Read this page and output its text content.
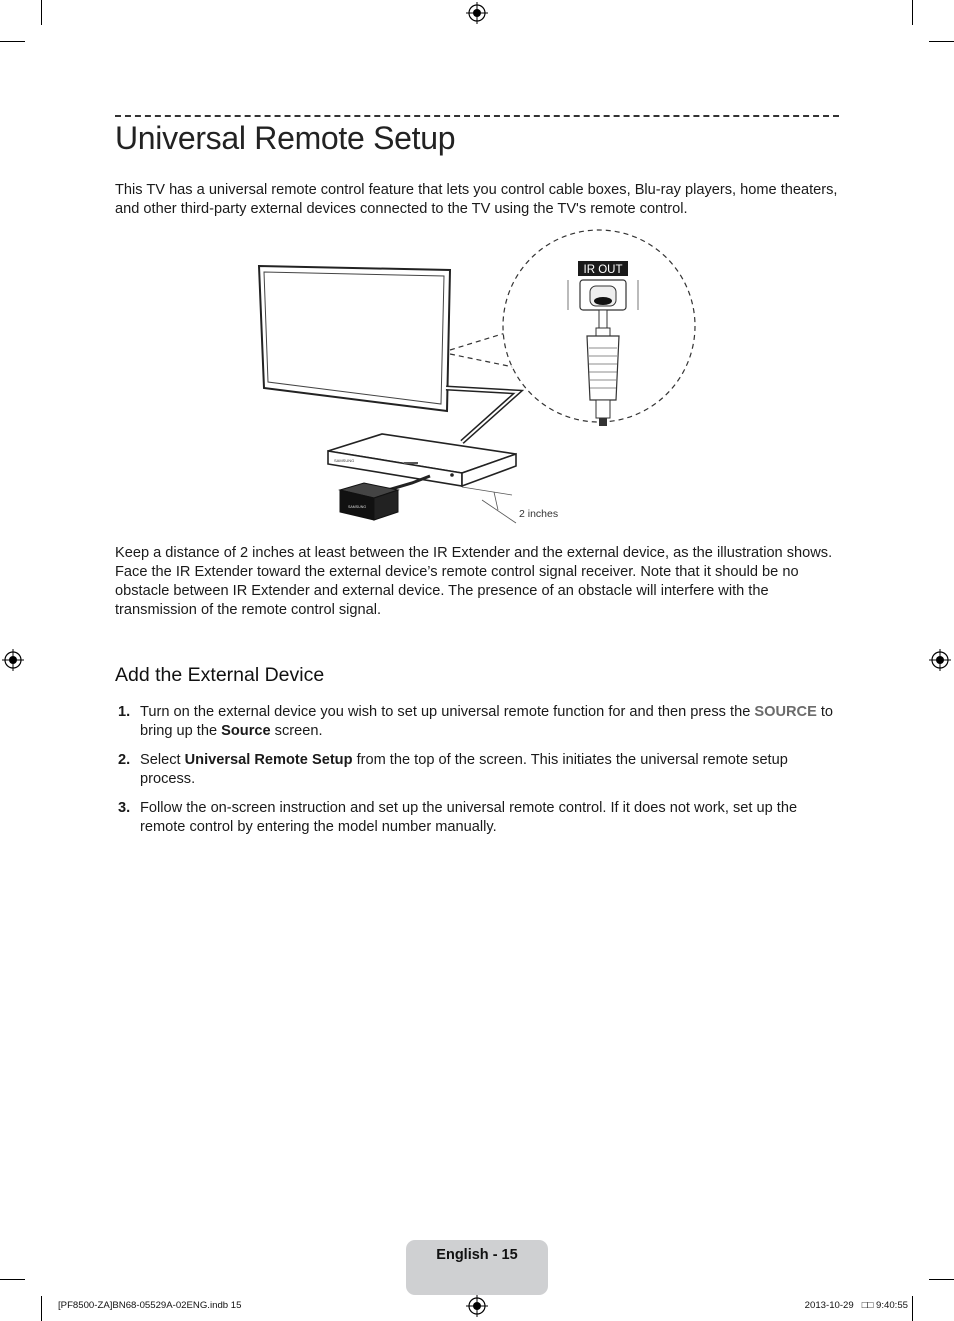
Universal Remote Setup

This TV has a universal remote control feature that lets you control cable boxes, Blu-ray players, home theaters, and other third-party external devices connected to the TV using the TV's remote control.

IR OUT
SAMSUNG
SAMSUNG
2 inches

Keep a distance of 2 inches at least between the IR Extender and the external device, as the illustration shows. Face the IR Extender toward the external device’s remote control signal receiver. Note that it should be no obstacle between IR Extender and external device. The presence of an obstacle will interfere with the transmission of the remote control signal.

Add the External Device
1. Turn on the external device you wish to set up universal remote function for and then press the SOURCE to bring up the Source screen.
2. Select Universal Remote Setup from the top of the screen. This initiates the universal remote setup process.
3. Follow the on-screen instruction and set up the universal remote control. If it does not work, set up the remote control by entering the model number manually.
English - 15
[PF8500-ZA]BN68-05529A-02ENG.indb 15	2013-10-29   □□ 9:40:55
